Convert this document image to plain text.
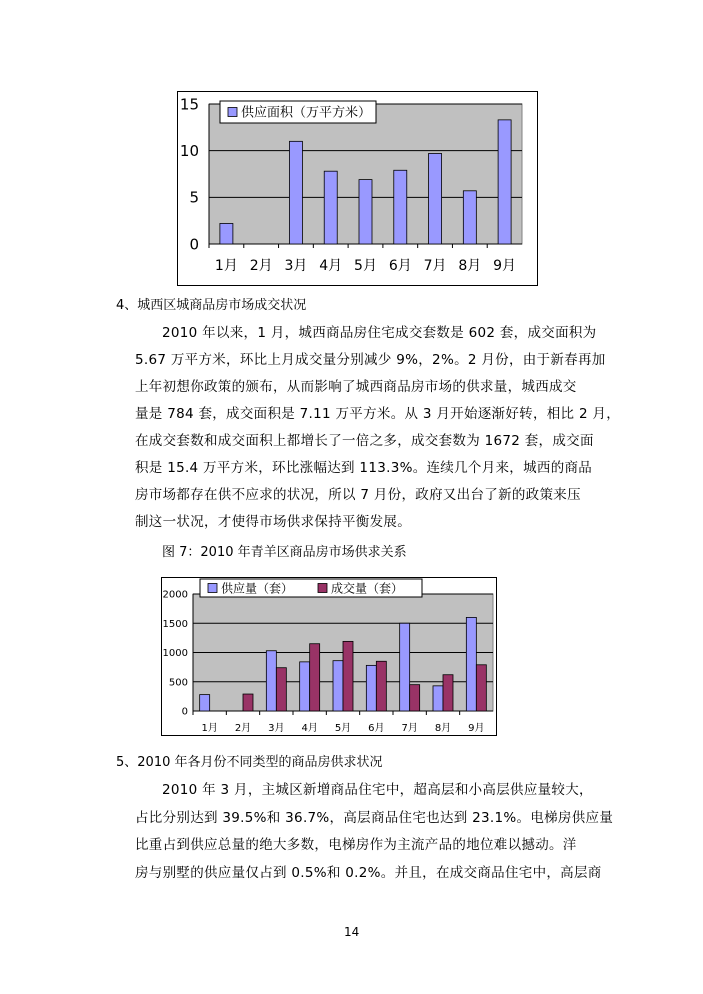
0
5
10
15
1月 2月 3月 4月 5月 6月 7月 8月 9月
供应面积（万平方米）
4、城西区城商品房市场成交状况
2010 年以来，1 月，城西商品房住宅成交套数是 602 套，成交面积为
5.67 万平方米，环比上月成交量分别减少 9%，2%。2 月份，由于新春再加
上年初想你政策的颁布，从而影响了城西商品房市场的供求量，城西成交
量是 784 套，成交面积是 7.11 万平方米。从 3 月开始逐渐好转，相比 2 月，
在成交套数和成交面积上都增长了一倍之多，成交套数为 1672 套，成交面
积是 15.4 万平方米，环比涨幅达到 113.3%。连续几个月来，城西的商品
房市场都存在供不应求的状况，所以 7 月份，政府又出台了新的政策来压
制这一状况，才使得市场供求保持平衡发展。
图 7：2010 年青羊区商品房市场供求关系
0
500
1000
1500
2000
1月 2月 3月 4月 5月 6月 7月 8月 9月
供应量（套）	成交量（套）
5、2010 年各月份不同类型的商品房供求状况
2010 年 3 月，主城区新增商品住宅中，超高层和小高层供应量较大，
占比分别达到 39.5%和 36.7%，高层商品住宅也达到 23.1%。电梯房供应量
比重占到供应总量的绝大多数，电梯房作为主流产品的地位难以撼动。洋
房与别墅的供应量仅占到 0.5%和 0.2%。并且，在成交商品住宅中，高层商
14
